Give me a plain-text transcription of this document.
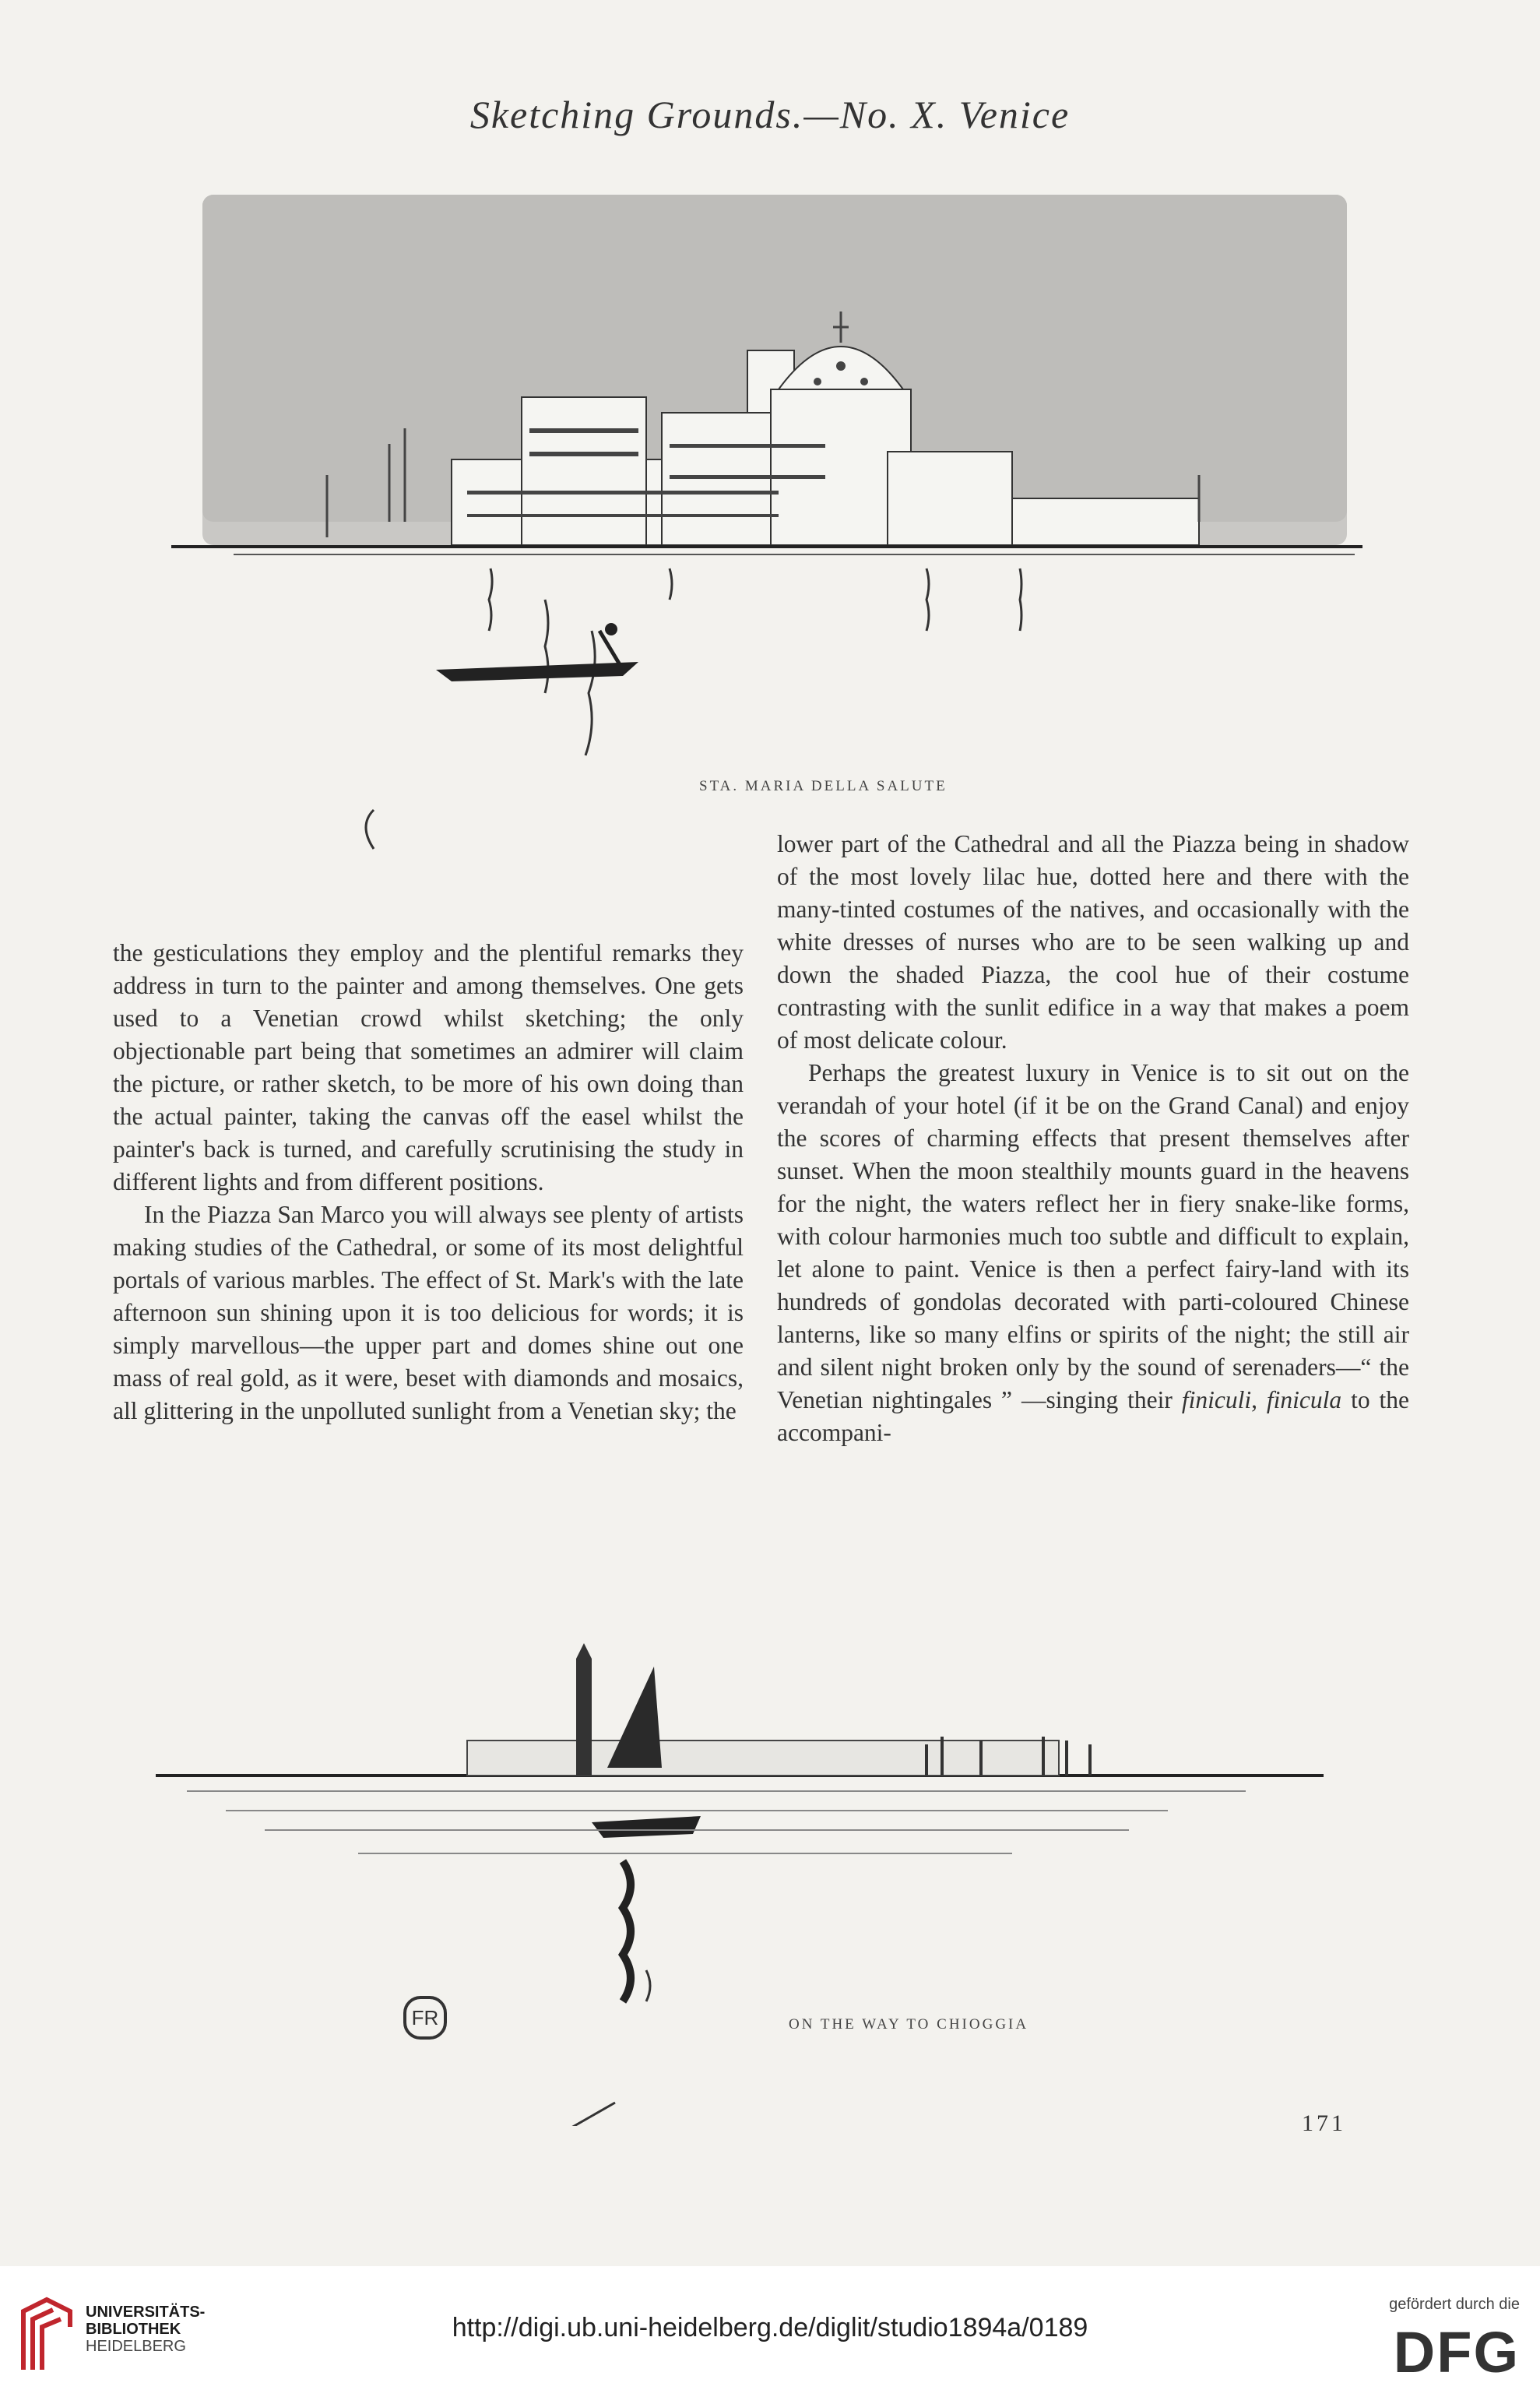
Sketching Grounds.—No. X. Venice
STA. MARIA DELLA SALUTE

the gesticulations they employ and the plentiful remarks they address in turn to the painter and among themselves. One gets used to a Venetian crowd whilst sketching; the only objectionable part being that sometimes an admirer will claim the picture, or rather sketch, to be more of his own doing than the actual painter, taking the canvas off the easel whilst the painter's back is turned, and carefully scrutinising the study in different lights and from different positions.

In the Piazza San Marco you will always see plenty of artists making studies of the Cathedral, or some of its most delightful portals of various marbles. The effect of St. Mark's with the late afternoon sun shining upon it is too delicious for words; it is simply marvellous—the upper part and domes shine out one mass of real gold, as it were, beset with diamonds and mosaics, all glittering in the unpolluted sunlight from a Venetian sky; the

lower part of the Cathedral and all the Piazza being in shadow of the most lovely lilac hue, dotted here and there with the many-tinted costumes of the natives, and occasionally with the white dresses of nurses who are to be seen walking up and down the shaded Piazza, the cool hue of their costume contrasting with the sunlit edifice in a way that makes a poem of most delicate colour.

Perhaps the greatest luxury in Venice is to sit out on the verandah of your hotel (if it be on the Grand Canal) and enjoy the scores of charming effects that present themselves after sunset. When the moon stealthily mounts guard in the heavens for the night, the waters reflect her in fiery snake-like forms, with colour harmonies much too subtle and difficult to explain, let alone to paint. Venice is then a perfect fairy-land with its hundreds of gondolas decorated with parti-coloured Chinese lanterns, like so many elfins or spirits of the night; the still air and silent night broken only by the sound of serenaders—“ the Venetian nightingales ” —singing their finiculi, finicula to the accompani-

FR	ON THE WAY TO CHIOGGIA
171
UNIVERSITÄTS-
BIBLIOTHEK
HEIDELBERG
http://digi.ub.uni-heidelberg.de/diglit/studio1894a/0189
gefördert durch die
DFG
